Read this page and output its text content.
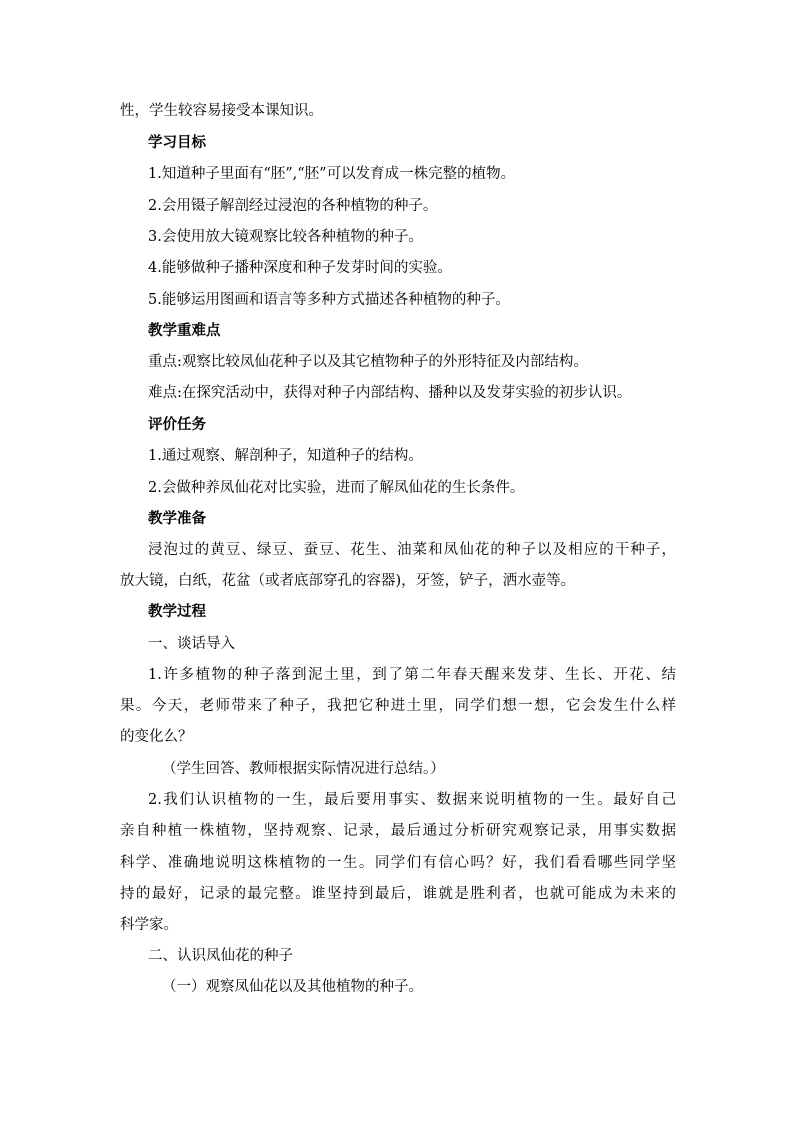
性，学生较容易接受本课知识。
学习目标
1.知道种子里面有“胚”,“胚”可以发育成一株完整的植物。
2.会用镊子解剖经过浸泡的各种植物的种子。
3.会使用放大镜观察比较各种植物的种子。
4.能够做种子播种深度和种子发芽时间的实验。
5.能够运用图画和语言等多种方式描述各种植物的种子。
教学重难点
重点:观察比较凤仙花种子以及其它植物种子的外形特征及内部结构。
难点:在探究活动中，获得对种子内部结构、播种以及发芽实验的初步认识。
评价任务
1.通过观察、解剖种子，知道种子的结构。
2.会做种养凤仙花对比实验，进而了解凤仙花的生长条件。
教学准备
浸泡过的黄豆、绿豆、蚕豆、花生、油菜和凤仙花的种子以及相应的干种子，
放大镜，白纸，花盆（或者底部穿孔的容器)，牙签，铲子，洒水壶等。
教学过程
一、谈话导入
1.许多植物的种子落到泥土里，到了第二年春天醒来发芽、生长、开花、结
果。今天，老师带来了种子，我把它种进土里，同学们想一想，它会发生什么样
的变化么？
（学生回答、教师根据实际情况进行总结。）
2.我们认识植物的一生，最后要用事实、数据来说明植物的一生。最好自己
亲自种植一株植物，坚持观察、记录，最后通过分析研究观察记录，用事实数据
科学、准确地说明这株植物的一生。同学们有信心吗？好，我们看看哪些同学坚
持的最好，记录的最完整。谁坚持到最后，谁就是胜利者，也就可能成为未来的
科学家。
二、认识凤仙花的种子
（一）观察凤仙花以及其他植物的种子。
